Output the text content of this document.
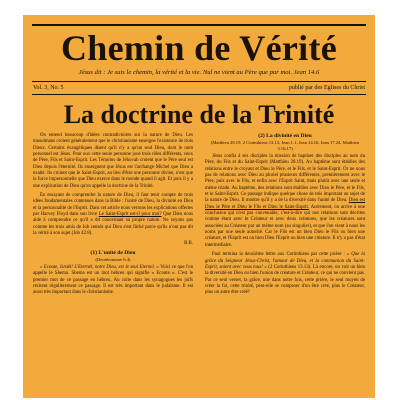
Chemin de Vérité
Jésus dit : Je suis le chemin, la vérité et la vie. Nul ne vient au Père que par moi. Jean 14.6
Vol. 3, No. 5	publié par des Eglises du Christ
La doctrine de la Trinité

On entend beaucoup d'idées contradictoires sur la nature de Dieu. Les musulmans croient généralement que le christianisme enseigne l'existence de trois Dieux. Certains évangéliques disent qu'il n'y a qu'un seul Dieu, dont le nom personnel est Jésus. Pour eux cette seule personne joue trois rôles différents, ceux de Père, Fils et Saint-Esprit. Les Témoins de Jéhovah croient que le Père seul est Dieu depuis l'éternité. Ils enseignent que Jésus est l'archange Michel que Dieu a exalté. Ils croient que le Saint-Esprit, au lieu d'être une personne divine, n'est que la force impersonnelle que Dieu exerce dans le monde quand il agit. Et puis il y a une explication de Dieu qu'on appelle la doctrine de la Trinité.

En essayant de comprendre la nature de Dieu, il faut tenir compte de trois idées fondamentales contenues dans la Bible : l'unité de Dieu, la divinité en Dieu et la personnalité de l'Esprit. Dans cet article nous verrons les explications offertes par Harvey Floyd dans son livre Le Saint-Esprit est-il pour moi? Que Dieu nous aide à comprendre ce qu'il a dit concernant sa propre nature. Ne soyons pas comme les trois amis de Job censés qui Dieu s'est fâché parce qu'ils n'ont pas dit la vérité à son sujet (Job 42.8).

B.B.

(1) L'unité de Dieu
(Deutéronome 6.4)

« Ecoute, Israël! L'Eternel, notre Dieu, est le seul Eternel. » Voici ce que l'on appelle le Shema. Shema est un mot hébreu qui signifie « Ecoute ». C'est le premier mot de ce passage en hébreu. Au culte dans les synagogues les juifs récitent régulièrement ce passage. Il est très important dans le judaïsme. Il est aussi très important dans le christianisme.

(2) La divinité en Dieu
(Matthieu 28.19, 2 Corinthiens 13.13, Jean 1.1, Jean 14.16, Jean 17.24, Matthieu 3.16,17)

Jésus confia à ses disciples la mission de baptiser des disciples au nom du Père, du Fils et du Saint-Esprit (Matthieu 28.19). Au baptême sont établies des relations entre le croyant et Dieu le Père, et le Fils, et le Saint-Esprit. Or ne nous pas de relations avec Dieu au pluriel plusieurs différentes, premièrement avec le Père, puis avec le Fils, et enfin avec l'Esprit Saint, mais plutôt avec une seule et même triade. Au baptême, des relations sont établies avec Dieu le Père, et le Fils, et le Saint-Esprit. Ce passage indique quelque chose de très important au sujet de la nature de Dieu. Il montre qu'il y a de la diversité dans l'unité de Dieu. Dieu est Dieu le Père et Dieu le Fils et Dieu le Saint-Esprit. Autrement, on arrive à une conclusion qui n'est pas convenable, c'est-à-dire qui nos relations sont décrites comme étant avec le Créateur et avec deux créatures, que les créatures sont associées au Créateur par un même nom (au singulier), et que l'on vient à nous les noms par une seule autorité. Car le Fils est un bien Dieu le Fils ou bien une créature, et l'Esprit est ou bien Dieu l'Esprit ou bien une créature. Il n'y a pas d'état intermédiaire.

Paul termina la deuxième lettre aux Corinthiens par cette prière : « Que la grâce du Seigneur Jésus-Christ, l'amour de Dieu, et la communion du Saint-Esprit, soient avec vous tous! » (2 Corinthiens 13.13). Là encore, on voit un bien la diversité en Dieu ou bien l'union de créature et Créateur, ce qui ne convient pas. Par ce seul verset, la grâce, une dans notre fois, cette prière, le seul moyen de créer la foi, cette trinité, peut-elle se composer d'un être créé, plus le Créateur, plus un autre être créé?
